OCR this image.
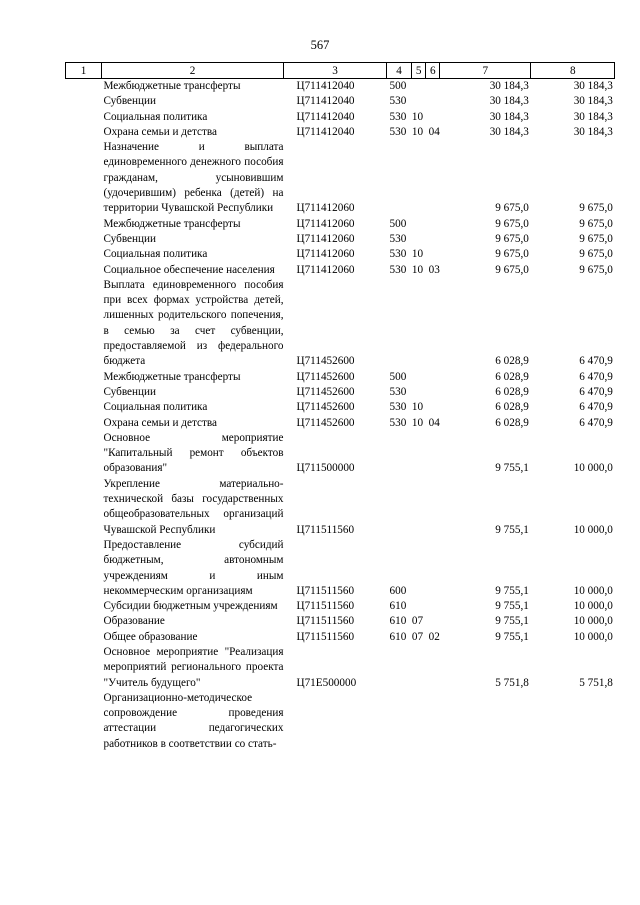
567
1	2	3	4	5	6	7	8
	Межбюджетные трансферты	Ц711412040	500			30 184,3	30 184,3
	Субвенции	Ц711412040	530			30 184,3	30 184,3
	Социальная политика	Ц711412040	530  10			30 184,3	30 184,3
	Охрана семьи и детства	Ц711412040	530  10  04			30 184,3	30 184,3
	Назначение и выплата единовременного денежного пособия гражданам, усыновившим (удочерившим) ребенка (детей) на территории Чувашской Республики	Ц711412060				9 675,0	9 675,0
	Межбюджетные трансферты	Ц711412060	500			9 675,0	9 675,0
	Субвенции	Ц711412060	530			9 675,0	9 675,0
	Социальная политика	Ц711412060	530  10			9 675,0	9 675,0
	Социальное обеспечение населения	Ц711412060	530  10  03			9 675,0	9 675,0
	Выплата единовременного пособия при всех формах устройства детей, лишенных родительского попечения, в семью за счет субвенции, предоставляемой из федерального бюджета	Ц711452600				6 028,9	6 470,9
	Межбюджетные трансферты	Ц711452600	500			6 028,9	6 470,9
	Субвенции	Ц711452600	530			6 028,9	6 470,9
	Социальная политика	Ц711452600	530  10			6 028,9	6 470,9
	Охрана семьи и детства	Ц711452600	530  10  04			6 028,9	6 470,9
	Основное мероприятие "Капитальный ремонт объектов образования"	Ц711500000				9 755,1	10 000,0
	Укрепление материально-технической базы государственных общеобразовательных организаций Чувашской Республики	Ц711511560				9 755,1	10 000,0
	Предоставление субсидий бюджетным, автономным учреждениям и иным некоммерческим организациям	Ц711511560	600			9 755,1	10 000,0
	Субсидии бюджетным учреждениям	Ц711511560	610			9 755,1	10 000,0
	Образование	Ц711511560	610  07			9 755,1	10 000,0
	Общее образование	Ц711511560	610  07  02			9 755,1	10 000,0
	Основное мероприятие "Реализация мероприятий регионального проекта "Учитель будущего"	Ц71Е500000				5 751,8	5 751,8
	Организационно-методическое сопровождение проведения аттестации педагогических работников в соответствии со стать-						
